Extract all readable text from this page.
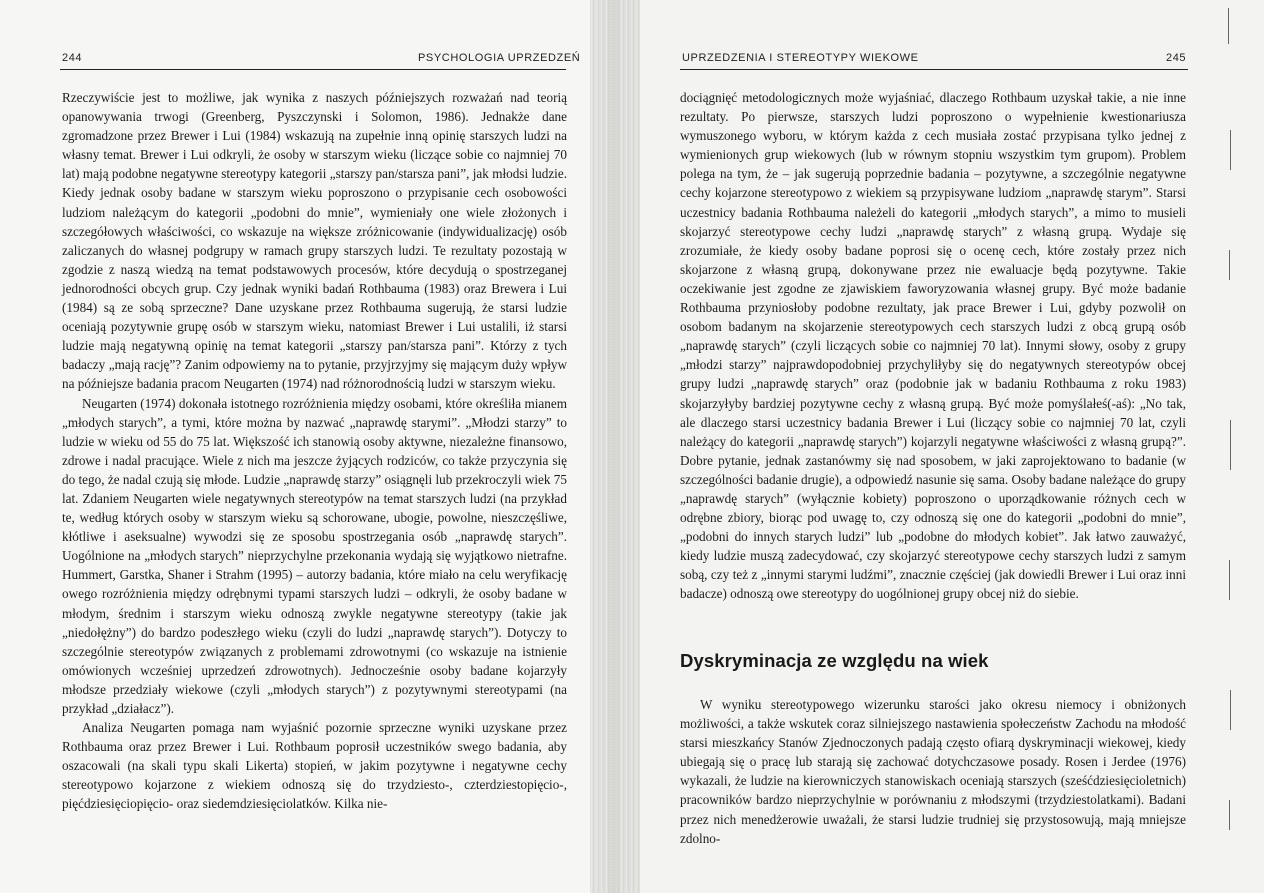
244	PSYCHOLOGIA UPRZEDZEŃ

Rzeczywiście jest to możliwe, jak wynika z naszych późniejszych rozważań nad teorią opanowywania trwogi (Greenberg, Pyszczynski i Solomon, 1986). Jednakże dane zgromadzone przez Brewer i Lui (1984) wskazują na zupełnie inną opinię starszych ludzi na własny temat. Brewer i Lui odkryli, że osoby w starszym wieku (liczące sobie co najmniej 70 lat) mają podobne negatywne stereotypy kategorii „starszy pan/starsza pani”, jak młodsi ludzie. Kiedy jednak osoby badane w starszym wieku poproszono o przypisanie cech osobowości ludziom należącym do kategorii „podobni do mnie”, wymieniały one wiele złożonych i szczegółowych właściwości, co wskazuje na większe zróżnicowanie (indywidualizację) osób zaliczanych do własnej podgrupy w ramach grupy starszych ludzi. Te rezultaty pozostają w zgodzie z naszą wiedzą na temat podstawowych procesów, które decydują o spostrzeganej jednorodności obcych grup. Czy jednak wyniki badań Rothbauma (1983) oraz Brewera i Lui (1984) są ze sobą sprzeczne? Dane uzyskane przez Rothbauma sugerują, że starsi ludzie oceniają pozytywnie grupę osób w starszym wieku, natomiast Brewer i Lui ustalili, iż starsi ludzie mają negatywną opinię na temat kategorii „starszy pan/starsza pani”. Którzy z tych badaczy „mają rację”? Zanim odpowiemy na to pytanie, przyjrzyjmy się mającym duży wpływ na późniejsze badania pracom Neugarten (1974) nad różnorodnością ludzi w starszym wieku.

Neugarten (1974) dokonała istotnego rozróżnienia między osobami, które określiła mianem „młodych starych”, a tymi, które można by nazwać „naprawdę starymi”. „Młodzi starzy” to ludzie w wieku od 55 do 75 lat. Większość ich stanowią osoby aktywne, niezależne finansowo, zdrowe i nadal pracujące. Wiele z nich ma jeszcze żyjących rodziców, co także przyczynia się do tego, że nadal czują się młode. Ludzie „naprawdę starzy” osiągnęli lub przekroczyli wiek 75 lat. Zdaniem Neugarten wiele negatywnych stereotypów na temat starszych ludzi (na przykład te, według których osoby w starszym wieku są schorowane, ubogie, powolne, nieszczęśliwe, kłótliwe i aseksualne) wywodzi się ze sposobu spostrzegania osób „naprawdę starych”. Uogólnione na „młodych starych” nieprzychylne przekonania wydają się wyjątkowo nietrafne. Hummert, Garstka, Shaner i Strahm (1995) – autorzy badania, które miało na celu weryfikację owego rozróżnienia między odrębnymi typami starszych ludzi – odkryli, że osoby badane w młodym, średnim i starszym wieku odnoszą zwykle negatywne stereotypy (takie jak „niedołężny”) do bardzo podeszłego wieku (czyli do ludzi „naprawdę starych”). Dotyczy to szczególnie stereotypów związanych z problemami zdrowotnymi (co wskazuje na istnienie omówionych wcześniej uprzedzeń zdrowotnych). Jednocześnie osoby badane kojarzyły młodsze przedziały wiekowe (czyli „młodych starych”) z pozytywnymi stereotypami (na przykład „działacz”).

Analiza Neugarten pomaga nam wyjaśnić pozornie sprzeczne wyniki uzyskane przez Rothbauma oraz przez Brewer i Lui. Rothbaum poprosił uczestników swego badania, aby oszacowali (na skali typu skali Likerta) stopień, w jakim pozytywne i negatywne cechy stereotypowo kojarzone z wiekiem odnoszą się do trzydziesto-, czterdziestopięcio-, pięćdziesięciopięcio- oraz siedemdziesięciolatków. Kilka nie-

UPRZEDZENIA I STEREOTYPY WIEKOWE	245

dociągnięć metodologicznych może wyjaśniać, dlaczego Rothbaum uzyskał takie, a nie inne rezultaty. Po pierwsze, starszych ludzi poproszono o wypełnienie kwestionariusza wymuszonego wyboru, w którym każda z cech musiała zostać przypisana tylko jednej z wymienionych grup wiekowych (lub w równym stopniu wszystkim tym grupom). Problem polega na tym, że – jak sugerują poprzednie badania – pozytywne, a szczególnie negatywne cechy kojarzone stereotypowo z wiekiem są przypisywane ludziom „naprawdę starym”. Starsi uczestnicy badania Rothbauma należeli do kategorii „młodych starych”, a mimo to musieli skojarzyć stereotypowe cechy ludzi „naprawdę starych” z własną grupą. Wydaje się zrozumiałe, że kiedy osoby badane poprosi się o ocenę cech, które zostały przez nich skojarzone z własną grupą, dokonywane przez nie ewaluacje będą pozytywne. Takie oczekiwanie jest zgodne ze zjawiskiem faworyzowania własnej grupy. Być może badanie Rothbauma przyniosłoby podobne rezultaty, jak prace Brewer i Lui, gdyby pozwolił on osobom badanym na skojarzenie stereotypowych cech starszych ludzi z obcą grupą osób „naprawdę starych” (czyli liczących sobie co najmniej 70 lat). Innymi słowy, osoby z grupy „młodzi starzy” najprawdopodobniej przychyliłyby się do negatywnych stereotypów obcej grupy ludzi „naprawdę starych” oraz (podobnie jak w badaniu Rothbauma z roku 1983) skojarzyłyby bardziej pozytywne cechy z własną grupą. Być może pomyślałeś(-aś): „No tak, ale dlaczego starsi uczestnicy badania Brewer i Lui (liczący sobie co najmniej 70 lat, czyli należący do kategorii „naprawdę starych”) kojarzyli negatywne właściwości z własną grupą?”. Dobre pytanie, jednak zastanówmy się nad sposobem, w jaki zaprojektowano to badanie (w szczególności badanie drugie), a odpowiedź nasunie się sama. Osoby badane należące do grupy „naprawdę starych” (wyłącznie kobiety) poproszono o uporządkowanie różnych cech w odrębne zbiory, biorąc pod uwagę to, czy odnoszą się one do kategorii „podobni do mnie”, „podobni do innych starych ludzi” lub „podobne do młodych kobiet”. Jak łatwo zauważyć, kiedy ludzie muszą zadecydować, czy skojarzyć stereotypowe cechy starszych ludzi z samym sobą, czy też z „innymi starymi ludźmi”, znacznie częściej (jak dowiedli Brewer i Lui oraz inni badacze) odnoszą owe stereotypy do uogólnionej grupy obcej niż do siebie.

Dyskryminacja ze względu na wiek

W wyniku stereotypowego wizerunku starości jako okresu niemocy i obniżonych możliwości, a także wskutek coraz silniejszego nastawienia społeczeństw Zachodu na młodość starsi mieszkańcy Stanów Zjednoczonych padają często ofiarą dyskryminacji wiekowej, kiedy ubiegają się o pracę lub starają się zachować dotychczasowe posady. Rosen i Jerdee (1976) wykazali, że ludzie na kierowniczych stanowiskach oceniają starszych (sześćdziesięcioletnich) pracowników bardzo nieprzychylnie w porównaniu z młodszymi (trzydziestolatkami). Badani przez nich menedżerowie uważali, że starsi ludzie trudniej się przystosowują, mają mniejsze zdolno-
